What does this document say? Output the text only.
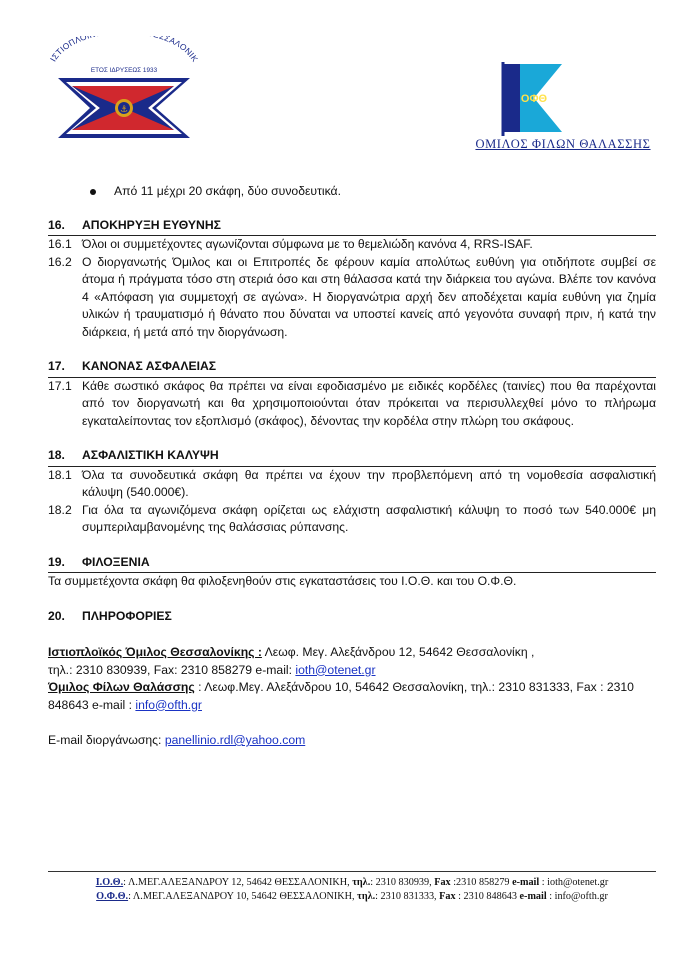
ΙΣΤΙΟΠΛΟ ΣΣΑΛΟΝΙΚ
ΕΤΟΣ ΙΔΡΥΣΕΩΣ 1933
⚓
ΟΦΘ
ΟΜΙΛΟΣ ΦΙΛΩΝ ΘΑΛΑΣΣΗΣ
Από 11 μέχρι 20 σκάφη, δύο συνοδευτικά.
16.	ΑΠΟΚΗΡΥΞΗ ΕΥΘΥΝΗΣ
16.1 Όλοι οι συμμετέχοντες αγωνίζονται σύμφωνα με το θεμελιώδη κανόνα 4, RRS-ISAF.
16.2 Ο διοργανωτής Όμιλος και οι Επιτροπές δε φέρουν καμία απολύτως ευθύνη για οτιδήποτε συμβεί σε άτομα ή πράγματα τόσο στη στεριά όσο και στη θάλασσα κατά την διάρκεια του αγώνα. Βλέπε τον κανόνα 4 «Απόφαση για συμμετοχή σε αγώνα». Η διοργανώτρια αρχή δεν αποδέχεται καμία ευθύνη για ζημία υλικών ή τραυματισμό ή θάνατο που δύναται να υποστεί κανείς από γεγονότα συναφή πριν, ή κατά την διάρκεια, ή μετά από την διοργάνωση.
17.	ΚΑΝΟΝΑΣ ΑΣΦΑΛΕΙΑΣ
17.1 Κάθε σωστικό σκάφος θα πρέπει να είναι εφοδιασμένο με ειδικές κορδέλες (ταινίες) που θα παρέχονται από τον διοργανωτή και θα χρησιμοποιούνται όταν πρόκειται να περισυλλεχθεί μόνο το πλήρωμα εγκαταλείποντας τον εξοπλισμό (σκάφος), δένοντας την κορδέλα στην πλώρη του σκάφους.
18.	ΑΣΦΑΛΙΣΤΙΚΗ ΚΑΛΥΨΗ
18.1 Όλα τα συνοδευτικά σκάφη θα πρέπει να έχουν την προβλεπόμενη από τη νομοθεσία ασφαλιστική κάλυψη (540.000€).
18.2 Για όλα τα αγωνιζόμενα σκάφη ορίζεται ως ελάχιστη ασφαλιστική κάλυψη το ποσό των 540.000€ μη συμπεριλαμβανομένης της θαλάσσιας ρύπανσης.
19.	ΦΙΛΟΞΕΝΙΑ
Τα συμμετέχοντα σκάφη θα φιλοξενηθούν στις εγκαταστάσεις του Ι.Ο.Θ. και του Ο.Φ.Θ.
20.	ΠΛΗΡΟΦΟΡΙΕΣ
Ιστιοπλοϊκός Όμιλος Θεσσαλονίκης : Λεωφ. Μεγ. Αλεξάνδρου 12, 54642 Θεσσαλονίκη ,
τηλ.: 2310 830939, Fax: 2310 858279 e-mail: ioth@otenet.gr
Όμιλος Φίλων Θαλάσσης : Λεωφ.Μεγ. Αλεξάνδρου 10, 54642 Θεσσαλονίκη, τηλ.: 2310 831333, Fax : 2310 848643 e-mail : info@ofth.gr
E-mail διοργάνωσης: panellinio.rdl@yahoo.com
Ι.Ο.Θ.: Λ.ΜΕΓ.ΑΛΕΞΑΝΔΡΟΥ 12, 54642 ΘΕΣΣΑΛΟΝΙΚΗ, τηλ.: 2310 830939, Fax :2310 858279 e-mail : ioth@otenet.gr
Ο.Φ.Θ.: Λ.ΜΕΓ.ΑΛΕΞΑΝΔΡΟΥ 10, 54642 ΘΕΣΣΑΛΟΝΙΚΗ, τηλ.: 2310 831333, Fax : 2310 848643 e-mail : info@ofth.gr
